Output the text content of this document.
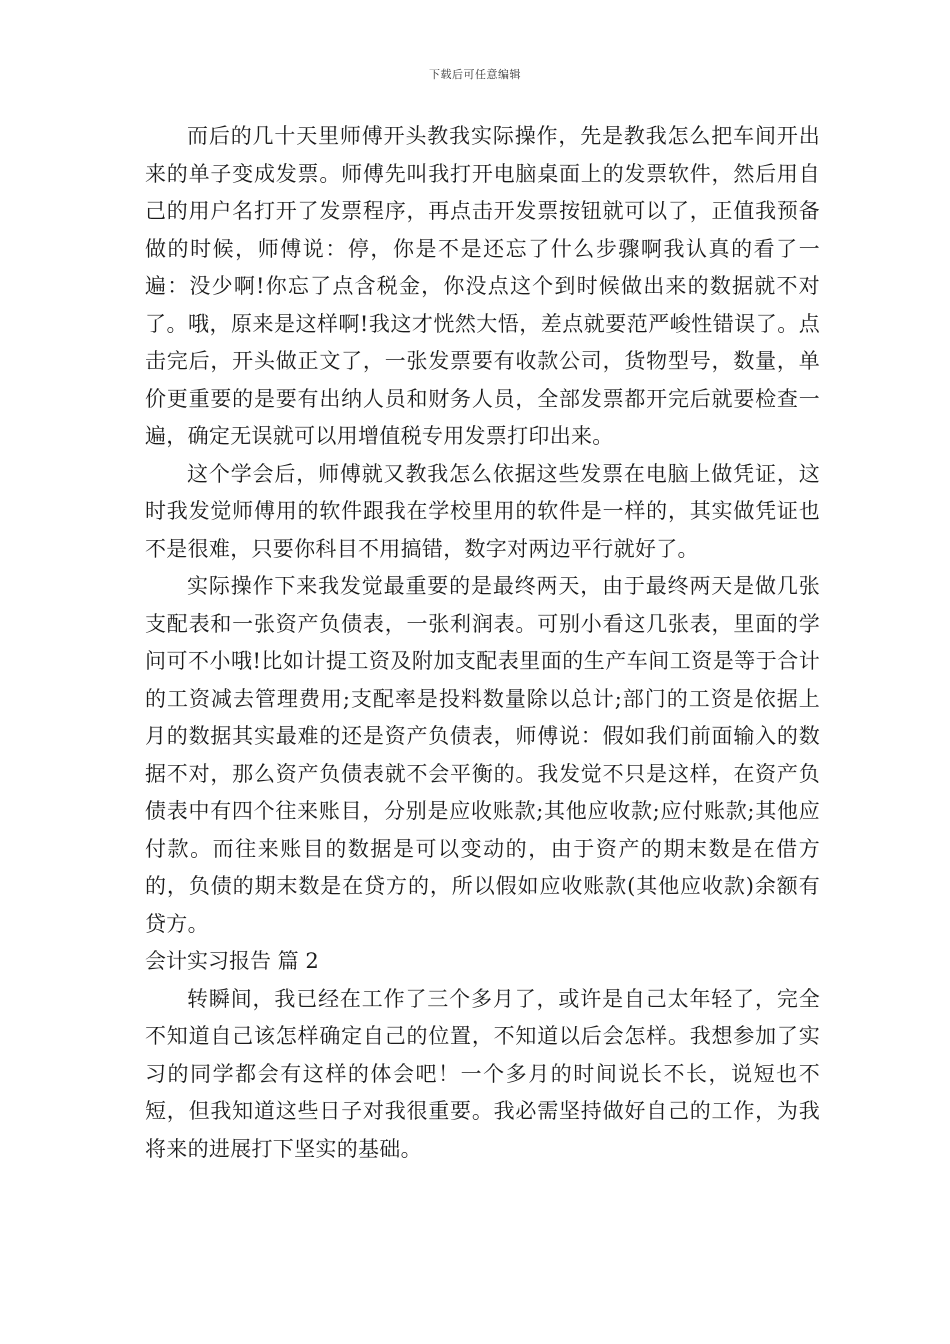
下载后可任意编辑

而后的几十天里师傅开头教我实际操作，先是教我怎么把车间开出来的单子变成发票。师傅先叫我打开电脑桌面上的发票软件，然后用自己的用户名打开了发票程序，再点击开发票按钮就可以了，正值我预备做的时候，师傅说：停，你是不是还忘了什么步骤啊我认真的看了一遍：没少啊!你忘了点含税金，你没点这个到时候做出来的数据就不对了。哦，原来是这样啊!我这才恍然大悟，差点就要范严峻性错误了。点击完后，开头做正文了，一张发票要有收款公司，货物型号，数量，单价更重要的是要有出纳人员和财务人员，全部发票都开完后就要检查一遍，确定无误就可以用增值税专用发票打印出来。

这个学会后，师傅就又教我怎么依据这些发票在电脑上做凭证，这时我发觉师傅用的软件跟我在学校里用的软件是一样的，其实做凭证也不是很难，只要你科目不用搞错，数字对两边平行就好了。

实际操作下来我发觉最重要的是最终两天，由于最终两天是做几张支配表和一张资产负债表，一张利润表。可别小看这几张表，里面的学问可不小哦!比如计提工资及附加支配表里面的生产车间工资是等于合计的工资减去管理费用;支配率是投料数量除以总计;部门的工资是依据上月的数据其实最难的还是资产负债表，师傅说：假如我们前面输入的数据不对，那么资产负债表就不会平衡的。我发觉不只是这样，在资产负债表中有四个往来账目，分别是应收账款;其他应收款;应付账款;其他应付款。而往来账目的数据是可以变动的，由于资产的期末数是在借方的，负债的期末数是在贷方的，所以假如应收账款(其他应收款)余额有贷方。

会计实习报告 篇 2

转瞬间，我已经在工作了三个多月了，或许是自己太年轻了，完全不知道自己该怎样确定自己的位置，不知道以后会怎样。我想参加了实习的同学都会有这样的体会吧！一个多月的时间说长不长，说短也不短，但我知道这些日子对我很重要。我必需坚持做好自己的工作，为我将来的进展打下坚实的基础。
